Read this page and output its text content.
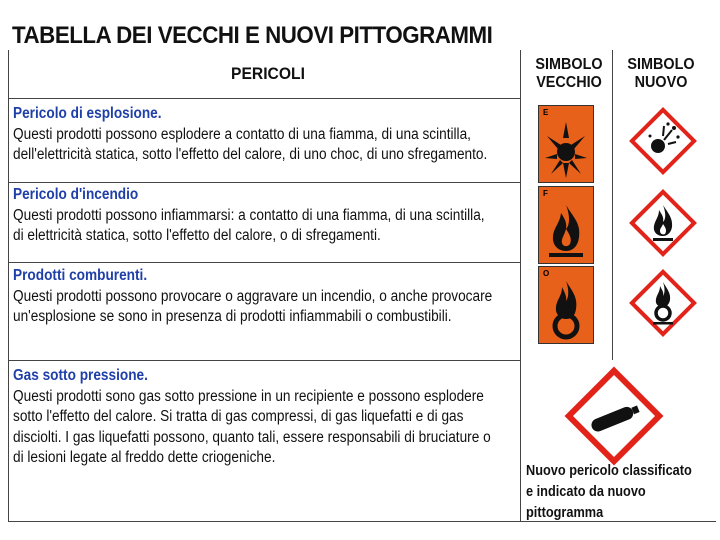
TABELLA DEI VECCHI E NUOVI PITTOGRAMMI
PERICOLI	SIMBOLO
VECCHIO
SIMBOLO
NUOVO
Pericolo di esplosione.
Questi prodotti possono esplodere a contatto di una fiamma, di una scintilla,
dell'elettricità statica, sotto l'effetto del calore, di uno choc, di uno sfregamento.
Pericolo d'incendio
Questi prodotti possono infiammarsi: a contatto di una fiamma, di una scintilla,
di elettricità statica, sotto l'effetto del calore, o di sfregamenti.
Prodotti comburenti.
Questi prodotti possono provocare o aggravare un incendio, o anche provocare
un'esplosione se sono in presenza di prodotti infiammabili o combustibili.
Gas sotto pressione.
Questi prodotti sono gas sotto pressione in un recipiente e possono esplodere
sotto l'effetto del calore. Si tratta di gas compressi, di gas liquefatti e di gas
disciolti. I gas liquefatti possono, quanto tali, essere responsabili di bruciature o
di lesioni legate al freddo dette criogeniche.
E
F
O
Nuovo pericolo classificato
e indicato da nuovo
pittogramma
